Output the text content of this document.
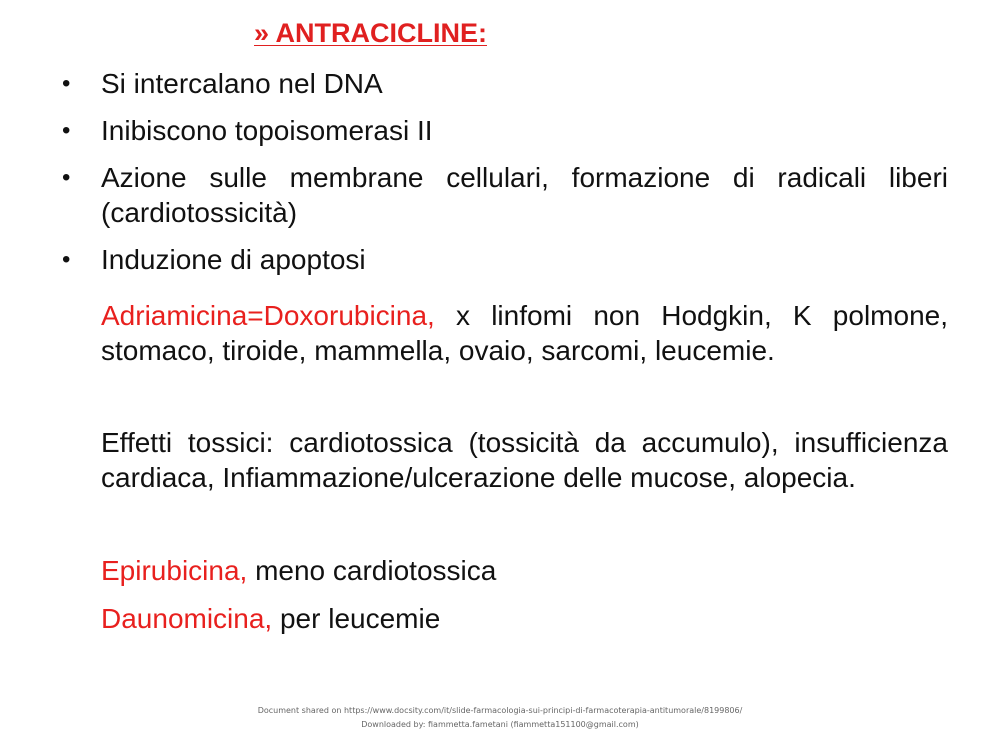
» ANTRACICLINE:
• Si intercalano nel DNA
• Inibiscono topoisomerasi II
• Azione sulle membrane cellulari, formazione di radicali liberi (cardiotossicità)
• Induzione di apoptosi
Adriamicina=Doxorubicina, x linfomi non Hodgkin, K polmone, stomaco, tiroide, mammella, ovaio, sarcomi, leucemie.
Effetti tossici: cardiotossica (tossicità da accumulo), insufficienza cardiaca, Infiammazione/ulcerazione delle mucose, alopecia.
Epirubicina, meno cardiotossica
Daunomicina, per leucemie
Document shared on https://www.docsity.com/it/slide-farmacologia-sui-principi-di-farmacoterapia-antitumorale/8199806/
Downloaded by: fiammetta.fametani (fiammetta151100@gmail.com)
